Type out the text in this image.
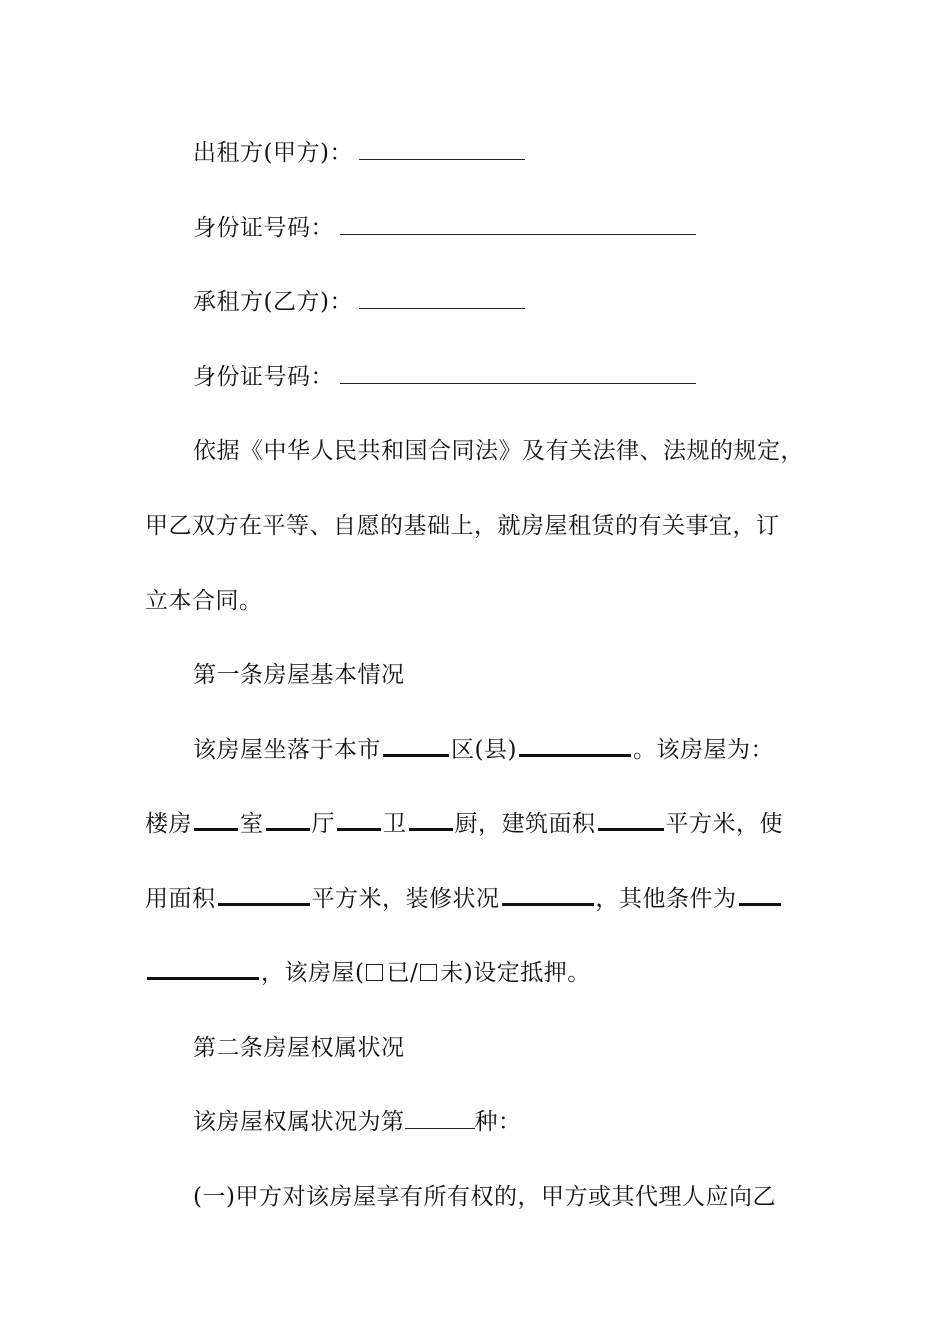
出租方(甲方)：
身份证号码：
承租方(乙方)：
身份证号码：
依据《中华人民共和国合同法》及有关法律、法规的规定，
甲乙双方在平等、自愿的基础上，就房屋租赁的有关事宜，订
立本合同。
第一条房屋基本情况
该房屋坐落于本市	区(县)	。该房屋为：
楼房 室 厅 卫 厨，建筑面积	平方米，使
用面积	平方米，装修状况	，其他条件为
，该房屋( 已/ 未)设定抵押。
第二条房屋权属状况
该房屋权属状况为第	种：
(一)甲方对该房屋享有所有权的，甲方或其代理人应向乙
